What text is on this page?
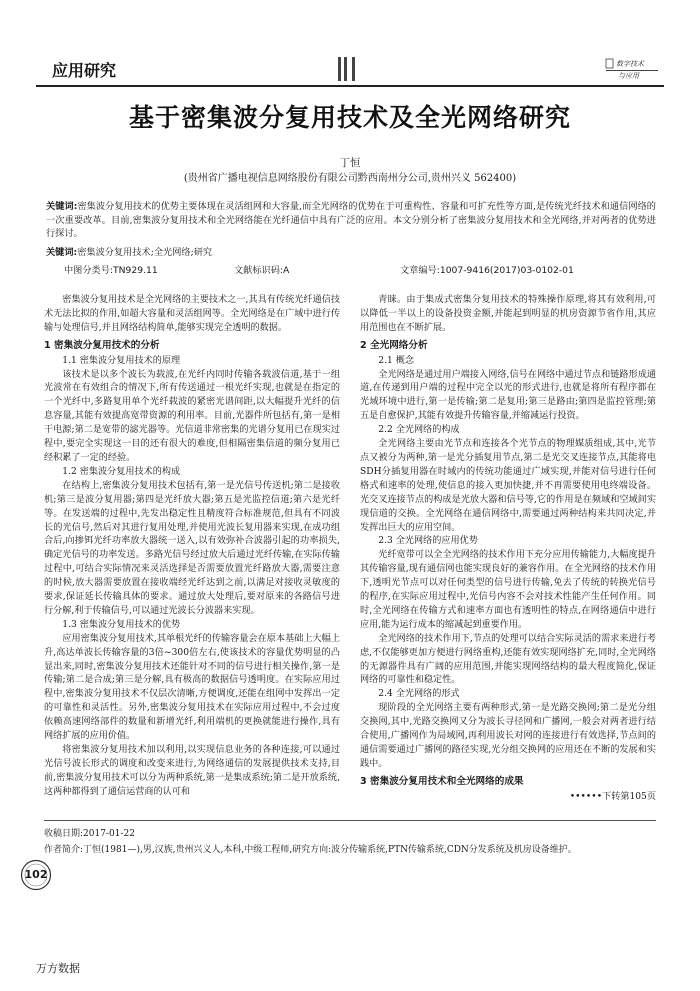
应用研究	数字技术
与应用
基于密集波分复用技术及全光网络研究
丁恒
(贵州省广播电视信息网络股份有限公司黔西南州分公司,贵州兴义 562400)
关键词:密集波分复用技术的优势主要体现在灵活组网和大容量,而全光网络的优势在于可重构性、容量和可扩充性等方面,是传统光纤技术和通信网络的一次重要改革。目前,密集波分复用技术和全光网络能在光纤通信中具有广泛的应用。本文分别分析了密集波分复用技术和全光网络,并对两者的优势进行探讨。
关键词:密集波分复用技术;全光网络;研究
中图分类号:TN929.11	文献标识码:A	文章编号:1007-9416(2017)03-0102-01

密集波分复用技术是全光网络的主要技术之一,其具有传统光纤通信技术无法比拟的作用,如超大容量和灵活组网等。全光网络是在广域中进行传输与处理信号,并且网络结构简单,能够实现完全透明的数据。

1 密集波分复用技术的分析

1.1 密集波分复用技术的原理

该技术是以多个波长为载波,在光纤内同时传输各载波信道,基于一组光波常在有效组合的情况下,所有传送通过一根光纤实现,也就是在指定的一个光纤中,多路复用单个光纤载波的紧密光谱间距,以大幅提升光纤的信息容量,其能有效提高宽带资源的利用率。目前,光器件所包括有,第一是相干电源;第二是宽带的滤光器等。光信道非常密集的光谱分复用已在现实过程中,要完全实现这一目的还有很大的难度,但相隔密集信道的频分复用已经积累了一定的经验。

1.2 密集波分复用技术的构成

在结构上,密集波分复用技术包括有,第一是光信号传送机;第二是接收机;第三是波分复用器;第四是光纤放大器;第五是光监控信道;第六是光纤等。在发送端的过程中,先发出稳定性且精度符合标准规范,但具有不同波长的光信号,然后对其进行复用处理,并使用光波长复用器来实现,在成功组合后,向掺铒光纤功率放大器统一送入,以有效弥补合波器引起的功率损失,确定光信号的功率发送。多路光信号经过放大后通过光纤传输,在实际传输过程中,可结合实际情况来灵活选择是否需要放置光纤路放大器,需要注意的时候,放大器需要放置在接收端经光纤达到之前,以满足对接收灵敏度的要求,保证延长传输具体的要求。通过放大处理后,要对原来的各路信号进行分解,利于传输信号,可以通过光波长分波器来实现。

1.3 密集波分复用技术的优势

应用密集波分复用技术,其单根光纤的传输容量会在原本基础上大幅上升,高达单波长传输容量的3倍~300倍左右,使该技术的容量优势明显的凸显出来,同时,密集波分复用技术还能针对不同的信号进行相关操作,第一是传输;第二是合成;第三是分解,具有极高的数据信号透明度。在实际应用过程中,密集波分复用技术不仅层次清晰,方便调度,还能在组网中发挥出一定的可靠性和灵活性。另外,密集波分复用技术在实际应用过程中,不会过度依赖高速网络部件的数量和新增光纤,利用端机的更换就能进行操作,具有网络扩展的应用价值。

将密集波分复用技术加以利用,以实现信息业务的各种连接,可以通过光信号波长形式的调度和改变来进行,为网络通信的发展提供技术支持,目前,密集波分复用技术可以分为两种系统,第一是集成系统;第二是开放系统,这两种都得到了通信运营商的认可和

青睐。由于集成式密集分复用技术的特殊操作原理,将其有效利用,可以降低一半以上的设备投资金额,并能起到明显的机房资源节省作用,其应用范围也在不断扩展。

2 全光网络分析

2.1 概念

全光网络是通过用户端接入网络,信号在网络中通过节点和链路形成通道,在传递到用户端的过程中完全以光的形式进行,也就是将所有程序都在光域环境中进行,第一是传输;第二是复用;第三是路由;第四是监控管理;第五是自愈保护,其能有效提升传输容量,并缩减运行投资。

2.2 全光网络的构成

全光网络主要由光节点和连接各个光节点的物理媒质组成,其中,光节点又被分为两种,第一是光分插复用节点,第二是光交叉连接节点,其能将电SDH分插复用器在时域内的传统功能通过广域实现,并能对信号进行任何格式和速率的处理,使信息的接入更加快捷,并不再需要使用电终端设备。光交叉连接节点的构成是光放大器和信号等,它的作用是在频域和空域间实现信道的交换。全光网络在通信网络中,需要通过两种结构来共同决定,并发挥出巨大的应用空间。

2.3 全光网络的应用优势

光纤宽带可以全全光网络的技术作用下充分应用传输能力,大幅度提升其传输容量,现有通信网也能实现良好的兼容作用。在全光网络的技术作用下,透明光节点可以对任何类型的信号进行传输,免去了传统的转换光信号的程序,在实际应用过程中,光信号内容不会对技术性能产生任何作用。同时,全光网络在传输方式和速率方面也有透明性的特点,在网络通信中进行应用,能为运行成本的缩减起到重要作用。

全光网络的技术作用下,节点的处理可以结合实际灵活的需求来进行考虑,不仅能够更加方便进行网络重构,还能有效实现网络扩充,同时,全光网络的无源器件具有广阔的应用范围,并能实现网络结构的最大程度简化,保证网络的可靠性和稳定性。

2.4 全光网络的形式

现阶段的全光网络主要有两种形式,第一是光路交换网;第二是光分组交换网,其中,光路交换网又分为波长寻径网和广播网,一般会对两者进行结合使用,广播网作为局域网,再利用波长对网的连接进行有效选择,节点间的通信需要通过广播网的路径实现,光分组交换网的应用还在不断的发展和实践中。

3 密集波分复用技术和全光网络的成果

••••••下转第105页

收稿日期:2017-01-22
作者简介:丁恒(1981—),男,汉族,贵州兴义人,本科,中级工程师,研究方向:波分传输系统,PTN传输系统,CDN分发系统及机房设备维护。
102
万方数据
